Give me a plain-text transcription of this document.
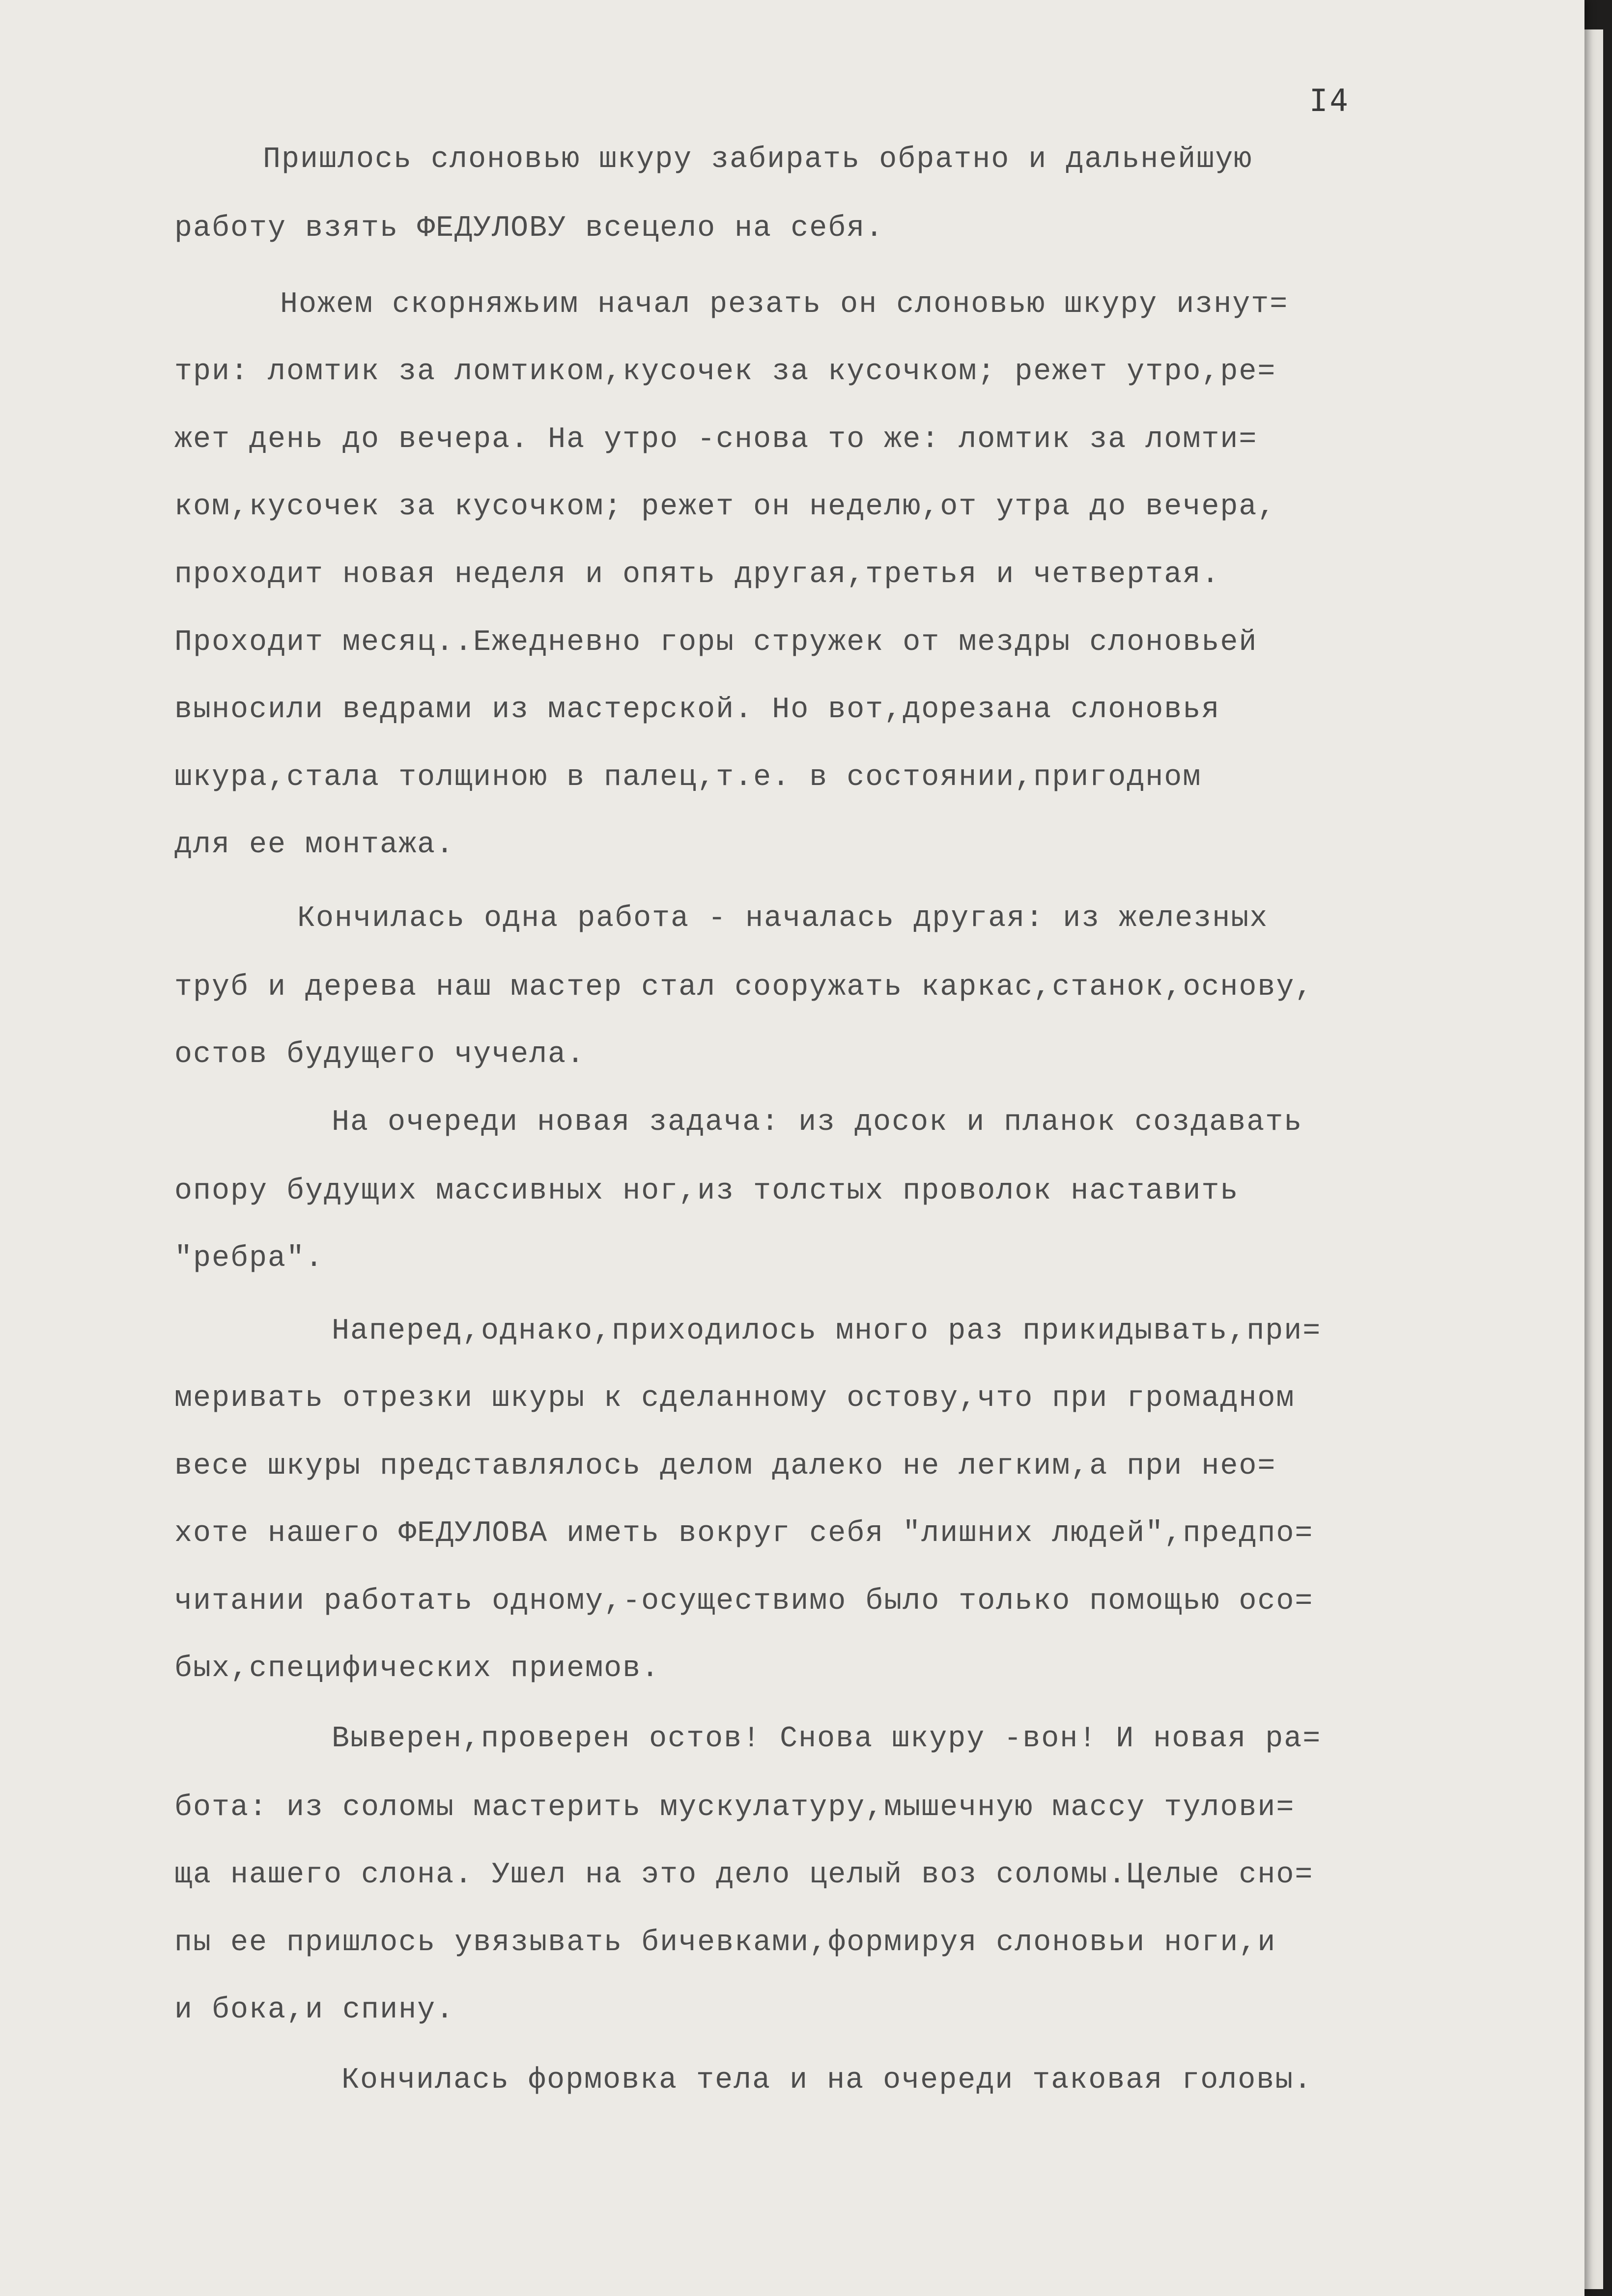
I4

Пришлось слоновью шкуру забирать обратно и дальнейшую

работу взять ФЕДУЛОВУ всецело на себя.

Ножем скорняжьим начал резать он слоновью шкуру изнут=

три: ломтик за ломтиком,кусочек за кусочком; режет утро,ре=

жет день до вечера. На утро -снова то же: ломтик за ломти=

ком,кусочек за кусочком; режет он неделю,от утра до вечера,

проходит новая неделя и опять другая,третья и четвертая.

Проходит месяц..Ежедневно горы стружек от мездры слоновьей

выносили ведрами из мастерской. Но вот,дорезана слоновья

шкура,стала толщиною в палец,т.е. в состоянии,пригодном

для ее монтажа.

Кончилась одна работа - началась другая: из железных

труб и дерева наш мастер стал сооружать каркас,станок,основу,

остов будущего чучела.

На очереди новая задача: из досок и планок создавать

опору будущих массивных ног,из толстых проволок наставить

"ребра".

Наперед,однако,приходилось много раз прикидывать,при=

меривать отрезки шкуры к сделанному остову,что при громадном

весе шкуры представлялось делом далеко не легким,а при нео=

хоте нашего ФЕДУЛОВА иметь вокруг себя "лишних людей",предпо=

читании работать одному,-осуществимо было только помощью осо=

бых,специфических приемов.

Выверен,проверен остов! Снова шкуру -вон! И новая ра=

бота: из соломы мастерить мускулатуру,мышечную массу тулови=

ща нашего слона. Ушел на это дело целый воз соломы.Целые сно=

пы ее пришлось увязывать бичевками,формируя слоновьи ноги,и

и бока,и спину.

Кончилась формовка тела и на очереди таковая головы.
